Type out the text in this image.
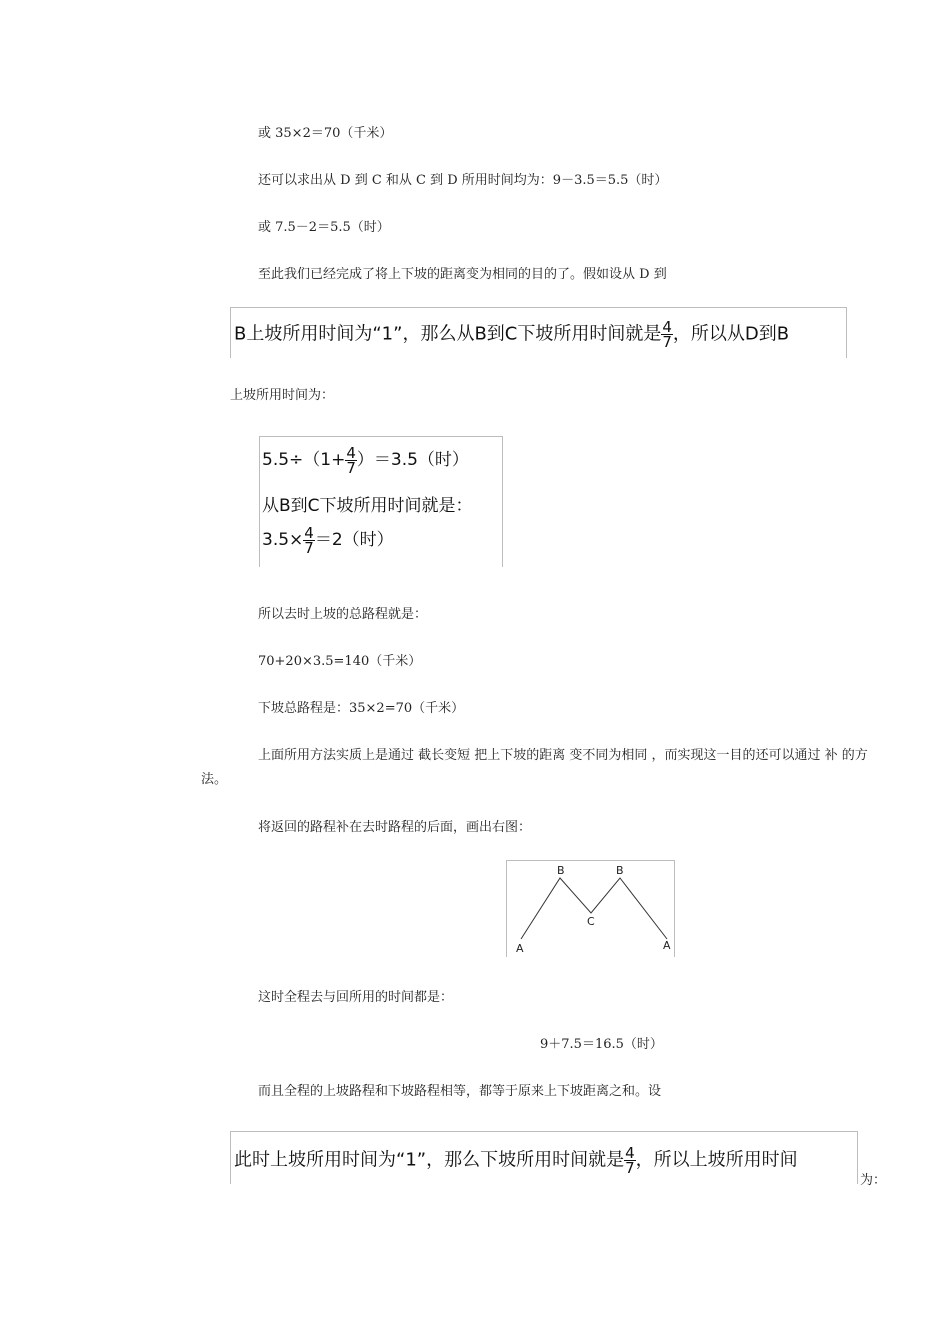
或 35×2＝70（千米）
还可以求出从 D 到 C 和从 C 到 D 所用时间均为：9－3.5＝5.5（时）
或 7.5－2＝5.5（时）
至此我们已经完成了将上下坡的距离变为相同的目的了。假如设从 D 到
B上坡所用时间为“1”，那么从B到C下坡所用时间就是 $\frac{4}{7}$ ，所以从D到B
上坡所用时间为：
$5.5\div(1+ \frac{4}{7} )=3.5$（时）
从B到C下坡所用时间就是：
$3.5\times \frac{4}{7} =2$（时）
所以去时上坡的总路程就是：
70+20×3.5=140（千米）
下坡总路程是：35×2=70（千米）
上面所用方法实质上是通过 截长变短 把上下坡的距离 变不同为相同 ，而实现这一目的还可以通过 补 的方
法。
将返回的路程补在去时路程的后面，画出右图：
B	B
C
A	A
这时全程去与回所用的时间都是：
9＋7.5＝16.5（时）
而且全程的上坡路程和下坡路程相等，都等于原来上下坡距离之和。设
此时上坡所用时间为“1”，那么下坡所用时间就是 $\frac{4}{7}$ ，所以上坡所用时间
为：
